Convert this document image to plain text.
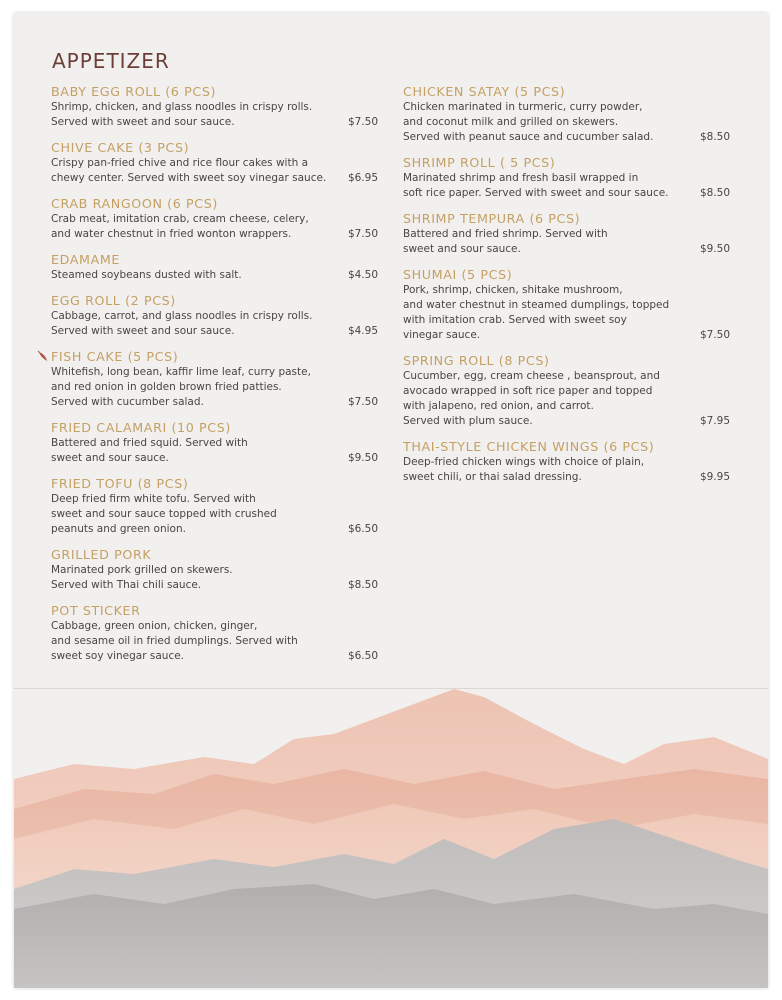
APPETIZER
BABY EGG ROLL (6 PCS)
Shrimp, chicken, and glass noodles in crispy rolls.
Served with sweet and sour sauce.	$7.50
CHIVE CAKE (3 PCS)
Crispy pan-fried chive and rice flour cakes with a
chewy center. Served with sweet soy vinegar sauce.	$6.95
CRAB RANGOON (6 PCS)
Crab meat, imitation crab, cream cheese, celery,
and water chestnut in fried wonton wrappers.	$7.50
EDAMAME
Steamed soybeans dusted with salt.	$4.50
EGG ROLL (2 PCS)
Cabbage, carrot, and glass noodles in crispy rolls.
Served with sweet and sour sauce.	$4.95
FISH CAKE (5 PCS)
Whitefish, long bean, kaffir lime leaf, curry paste,
and red onion in golden brown fried patties.
Served with cucumber salad.	$7.50
FRIED CALAMARI (10 PCS)
Battered and fried squid. Served with
sweet and sour sauce.	$9.50
FRIED TOFU (8 PCS)
Deep fried firm white tofu. Served with
sweet and sour sauce topped with crushed
peanuts and green onion.	$6.50
GRILLED PORK
Marinated pork grilled on skewers.
Served with Thai chili sauce.	$8.50
POT STICKER
Cabbage, green onion, chicken, ginger,
and sesame oil in fried dumplings. Served with
sweet soy vinegar sauce.	$6.50
CHICKEN SATAY (5 PCS)
Chicken marinated in turmeric, curry powder,
and coconut milk and grilled on skewers.
Served with peanut sauce and cucumber salad.	$8.50
SHRIMP ROLL ( 5 PCS)
Marinated shrimp and fresh basil wrapped in
soft rice paper. Served with sweet and sour sauce.	$8.50
SHRIMP TEMPURA (6 PCS)
Battered and fried shrimp. Served with
sweet and sour sauce.	$9.50
SHUMAI (5 PCS)
Pork, shrimp, chicken, shitake mushroom,
and water chestnut in steamed dumplings, topped
with imitation crab. Served with sweet soy
vinegar sauce.	$7.50
SPRING ROLL (8 PCS)
Cucumber, egg, cream cheese , beansprout, and
avocado wrapped in soft rice paper and topped
with jalapeno, red onion, and carrot.
Served with plum sauce.	$7.95
THAI-STYLE CHICKEN WINGS (6 PCS)
Deep-fried chicken wings with choice of plain,
sweet chili, or thai salad dressing.	$9.95
